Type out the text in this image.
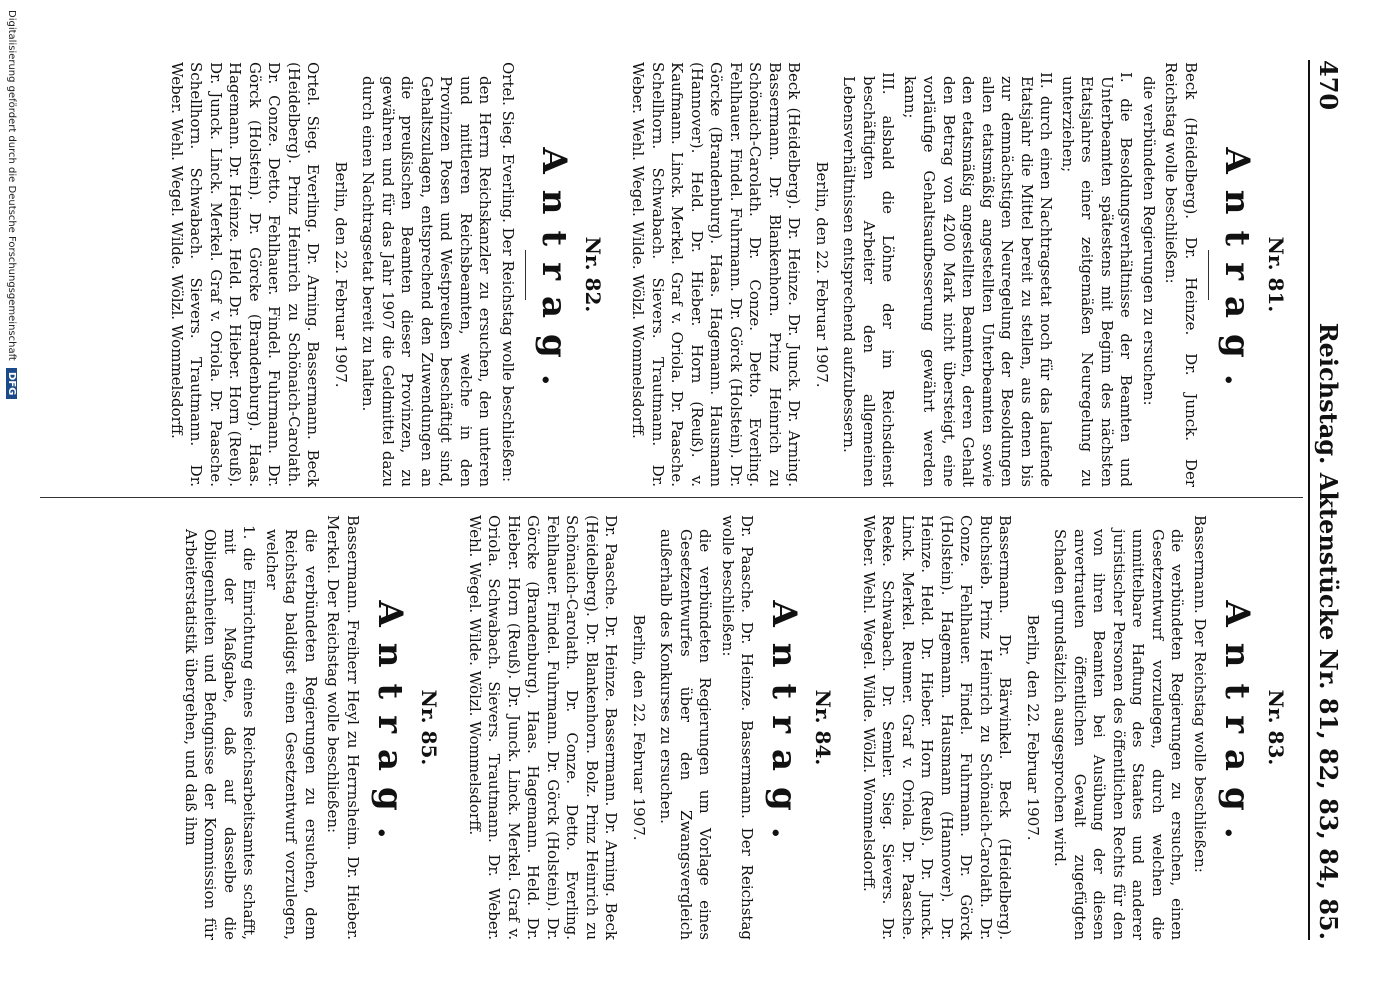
470
Reichstag. Aktenstücke Nr. 81, 82, 83, 84, 85.
Nr. 81.
Antrag.
Beck (Heidelberg). Dr. Heinze. Dr. Junck. Der Reichstag wolle beschließen:
die verbündeten Regierungen zu ersuchen:
I. die Besoldungsverhältnisse der Beamten und Unterbeamten spätestens mit Beginn des nächsten Etatsjahres einer zeitgemäßen Neuregelung zu unterziehen;
II. durch einen Nachtragsetat noch für das laufende Etatsjahr die Mittel bereit zu stellen, aus denen bis zur demnächstigen Neuregelung der Besoldungen allen etatsmäßig angestellten Unterbeamten sowie den etatsmäßig angestellten Beamten, deren Gehalt den Betrag von 4200 Mark nicht übersteigt, eine vorläufige Gehaltsaufbesserung gewährt werden kann;
III. alsbald die Löhne der im Reichsdienst beschäftigten Arbeiter den allgemeinen Lebensverhältnissen entsprechend aufzubessern.
Berlin, den 22. Februar 1907.
Beck (Heidelberg). Dr. Heinze. Dr. Junck. Dr. Arning. Bassermann. Dr. Blankenhorn. Prinz Heinrich zu Schönaich-Carolath. Dr. Conze. Detto. Everling. Fehlhauer. Findel. Fuhrmann. Dr. Görck (Holstein). Dr. Görcke (Brandenburg). Haas. Hagemann. Hausmann (Hannover). Held. Dr. Hieber. Horn (Reuß). v. Kaufmann. Linck. Merkel. Graf v. Oriola. Dr. Paasche. Schellhorn. Schwabach. Sievers. Trautmann. Dr. Weber. Wehl. Wegel. Wilde. Wölzl. Wommelsdorff.
Nr. 82.
Antrag.
Ortel. Sieg. Everling. Der Reichstag wolle beschließen:
den Herrn Reichskanzler zu ersuchen, den unteren und mittleren Reichsbeamten, welche in den Provinzen Posen und Westpreußen beschäftigt sind, Gehaltszulagen, entsprechend den Zuwendungen an die preußischen Beamten dieser Provinzen, zu gewähren und für das Jahr 1907 die Geldmittel dazu durch einen Nachtragsetat bereit zu halten.
Berlin, den 22. Februar 1907.
Ortel. Sieg. Everling. Dr. Arning. Bassermann. Beck (Heidelberg). Prinz Heinrich zu Schönaich-Carolath. Dr. Conze. Detto. Fehlhauer. Findel. Fuhrmann. Dr. Görck (Holstein). Dr. Görcke (Brandenburg). Haas. Hagemann. Dr. Heinze. Held. Dr. Hieber. Horn (Reuß). Dr. Junck. Linck. Merkel. Graf v. Oriola. Dr. Paasche. Schellhorn. Schwabach. Sievers. Trautmann. Dr. Weber. Wehl. Wegel. Wilde. Wölzl. Wommelsdorff.
Nr. 83.
Antrag.
Bassermann. Der Reichstag wolle beschließen:
die verbündeten Regierungen zu ersuchen, einen Gesetzentwurf vorzulegen, durch welchen die unmittelbare Haftung des Staates und anderer juristischer Personen des öffentlichen Rechts für den von ihren Beamten bei Ausübung der diesen anvertrauten öffentlichen Gewalt zugefügten Schaden grundsätzlich ausgesprochen wird.
Berlin, den 22. Februar 1907.
Bassermann. Dr. Bärwinkel. Beck (Heidelberg). Buchsieb. Prinz Heinrich zu Schönaich-Carolath. Dr. Conze. Fehlhauer. Findel. Fuhrmann. Dr. Görck (Holstein). Hagemann. Hausmann (Hannover). Dr. Heinze. Held. Dr. Hieber. Horn (Reuß). Dr. Junck. Linck. Merkel. Reumer. Graf v. Oriola. Dr. Paasche. Reeke. Schwabach. Dr. Semler. Sieg. Sievers. Dr. Weber. Wehl. Wegel. Wilde. Wölzl. Wommelsdorff.
Nr. 84.
Antrag.
Dr. Paasche. Dr. Heinze. Bassermann. Der Reichstag wolle beschließen:
die verbündeten Regierungen um Vorlage eines Gesetzentwurfes über den Zwangsvergleich außerhalb des Konkurses zu ersuchen.
Berlin, den 22. Februar 1907.
Dr. Paasche. Dr. Heinze. Bassermann. Dr. Arning. Beck (Heidelberg). Dr. Blankenhorn. Bolz. Prinz Heinrich zu Schönaich-Carolath. Dr. Conze. Detto. Everling. Fehlhauer. Findel. Fuhrmann. Dr. Görck (Holstein). Dr. Görcke (Brandenburg). Haas. Hagemann. Held. Dr. Hieber. Horn (Reuß). Dr. Junck. Linck. Merkel. Graf v. Oriola. Schwabach. Sievers. Trautmann. Dr. Weber. Wehl. Wegel. Wilde. Wölzl. Wommelsdorff.
Nr. 85.
Antrag.
Bassermann. Freiherr Heyl zu Herrnsheim. Dr. Hieber. Merkel. Der Reichstag wolle beschließen:
die verbündeten Regierungen zu ersuchen, dem Reichstag baldigst einen Gesetzentwurf vorzulegen, welcher
1. die Einrichtung eines Reichsarbeitsamtes schafft, mit der Maßgabe, daß auf dasselbe die Obliegenheiten und Befugnisse der Kommission für Arbeiterstatistik übergehen, und daß ihm
Digitalisierung gefördert durch die Deutsche Forschungsgemeinschaft DFG
